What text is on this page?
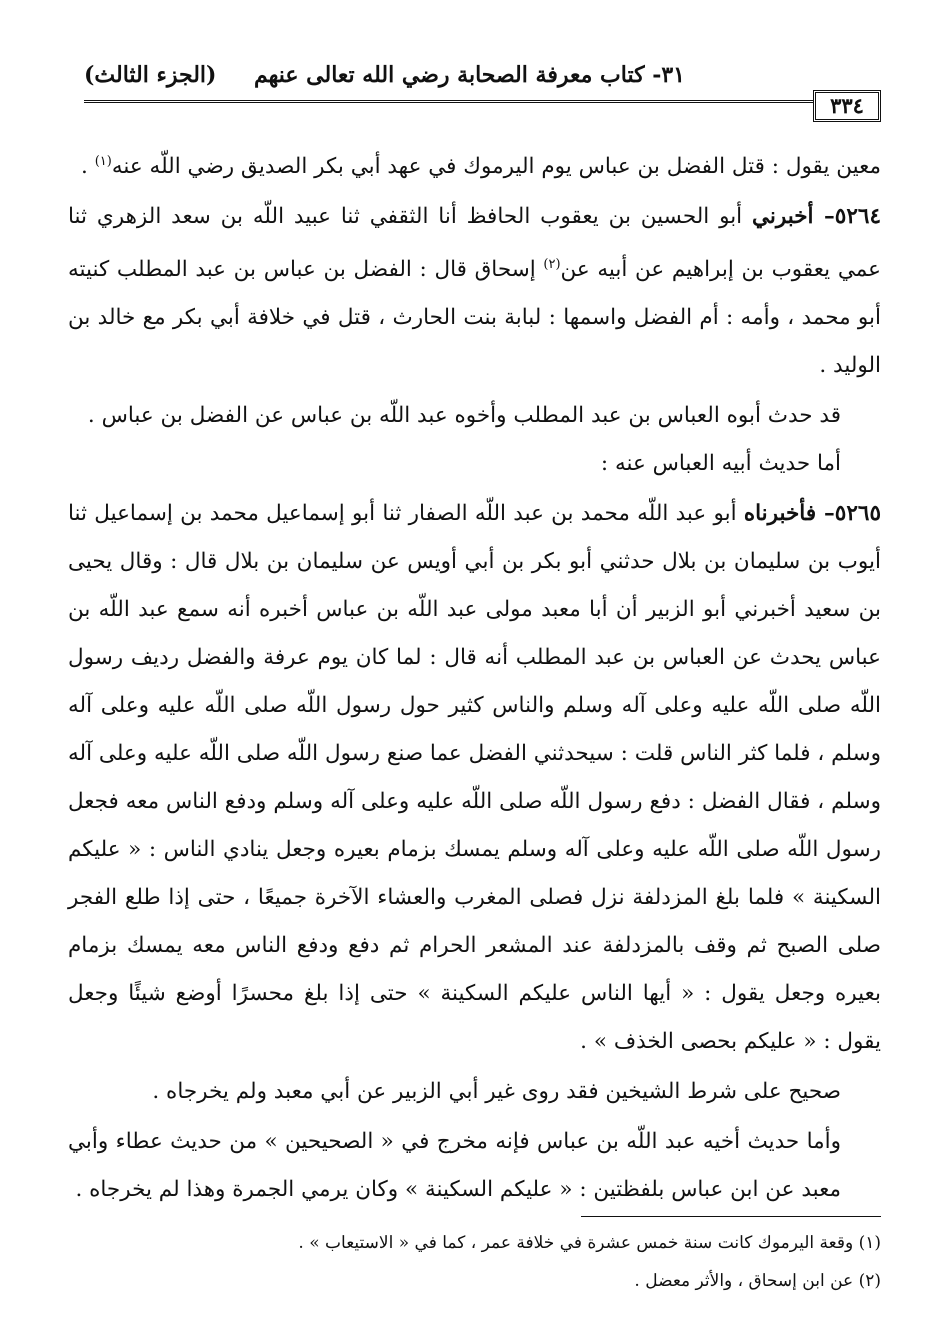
٣١- كتاب معرفة الصحابة رضي الله تعالى عنهم
(الجزء الثالث)
٣٣٤

معين يقول : قتل الفضل بن عباس يوم اليرموك في عهد أبي بكر الصديق رضي اللّه عنه$^{(١)}$ .

٥٢٦٤– أخبرني أبو الحسين بن يعقوب الحافظ أنا الثقفي ثنا عبيد اللّه بن سعد الزهري ثنا عمي يعقوب بن إبراهيم عن أبيه عن$^{(٢)}$ إسحاق قال : الفضل بن عباس بن عبد المطلب كنيته أبو محمد ، وأمه : أم الفضل واسمها : لبابة بنت الحارث ، قتل في خلافة أبي بكر مع خالد بن الوليد .

قد حدث أبوه العباس بن عبد المطلب وأخوه عبد اللّه بن عباس عن الفضل بن عباس .

أما حديث أبيه العباس عنه :

٥٢٦٥– فأخبرناه أبو عبد اللّه محمد بن عبد اللّه الصفار ثنا أبو إسماعيل محمد بن إسماعيل ثنا أيوب بن سليمان بن بلال حدثني أبو بكر بن أبي أويس عن سليمان بن بلال قال : وقال يحيى بن سعيد أخبرني أبو الزبير أن أبا معبد مولى عبد اللّه بن عباس أخبره أنه سمع عبد اللّه بن عباس يحدث عن العباس بن عبد المطلب أنه قال : لما كان يوم عرفة والفضل رديف رسول اللّه صلى اللّه عليه وعلى آله وسلم والناس كثير حول رسول اللّه صلى اللّه عليه وعلى آله وسلم ، فلما كثر الناس قلت : سيحدثني الفضل عما صنع رسول اللّه صلى اللّه عليه وعلى آله وسلم ، فقال الفضل : دفع رسول اللّه صلى اللّه عليه وعلى آله وسلم ودفع الناس معه فجعل رسول اللّه صلى اللّه عليه وعلى آله وسلم يمسك بزمام بعيره وجعل ينادي الناس : « عليكم السكينة » فلما بلغ المزدلفة نزل فصلى المغرب والعشاء الآخرة جميعًا ، حتى إذا طلع الفجر صلى الصبح ثم وقف بالمزدلفة عند المشعر الحرام ثم دفع ودفع الناس معه يمسك بزمام بعيره وجعل يقول : « أيها الناس عليكم السكينة » حتى إذا بلغ محسرًا أوضع شيئًا وجعل يقول : « عليكم بحصى الخذف » .

صحيح على شرط الشيخين فقد روى غير أبي الزبير عن أبي معبد ولم يخرجاه .

وأما حديث أخيه عبد اللّه بن عباس فإنه مخرج في « الصحيحين » من حديث عطاء وأبي معبد عن ابن عباس بلفظتين : « عليكم السكينة » وكان يرمي الجمرة وهذا لم يخرجاه .

(١) وقعة اليرموك كانت سنة خمس عشرة في خلافة عمر ، كما في « الاستيعاب » .

(٢) عن ابن إسحاق ، والأثر معضل .
